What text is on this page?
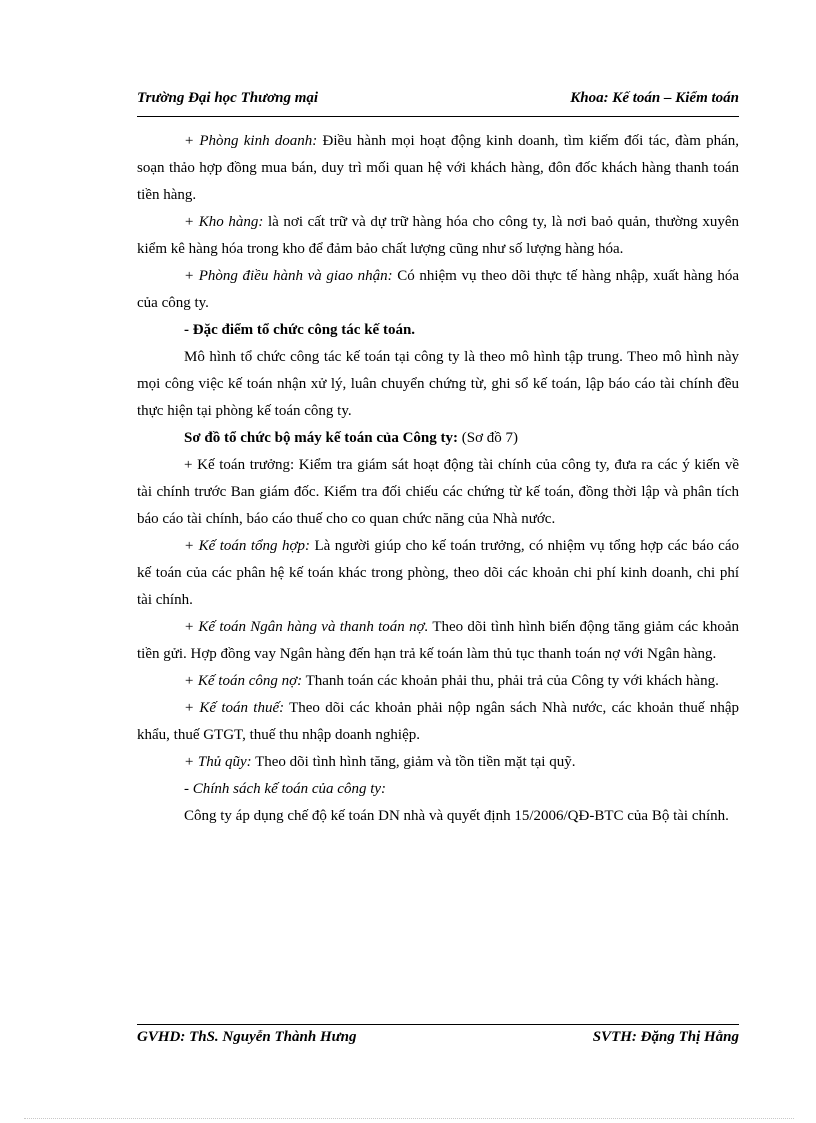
Trường Đại học Thương mại	Khoa: Kế toán – Kiểm toán

+ Phòng kinh doanh: Điều hành mọi hoạt động kinh doanh, tìm kiếm đối tác, đàm phán, soạn thảo hợp đồng mua bán, duy trì mối quan hệ với khách hàng, đôn đốc khách hàng thanh toán tiền hàng.

+ Kho hàng: là nơi cất trữ và dự trữ hàng hóa cho công ty, là nơi baỏ quản, thường xuyên kiểm kê hàng hóa trong kho để đảm bảo chất lượng cũng như số lượng hàng hóa.

+ Phòng điều hành và giao nhận: Có nhiệm vụ theo dõi thực tế hàng nhập, xuất hàng hóa của công ty.

- Đặc điểm tổ chức công tác kế toán.

Mô hình tổ chức công tác kế toán tại công ty là theo mô hình tập trung. Theo mô hình này mọi công việc kế toán nhận xử lý, luân chuyển chứng từ, ghi sổ kế toán, lập báo cáo tài chính đều thực hiện tại phòng kế toán công ty.

Sơ đồ tổ chức bộ máy kế toán của Công ty: (Sơ đồ 7)

+ Kế toán trưởng: Kiểm tra giám sát hoạt động tài chính của công ty, đưa ra các ý kiến về tài chính trước Ban giám đốc. Kiểm tra đối chiếu các chứng từ kế toán, đồng thời lập và phân tích báo cáo tài chính, báo cáo thuế cho co quan chức năng của Nhà nước.

+ Kế toán tổng hợp: Là người giúp cho kế toán trưởng, có nhiệm vụ tổng hợp các báo cáo kế toán của các phân hệ kế toán khác trong phòng, theo dõi các khoản chi phí kinh doanh, chi phí tài chính.

+ Kế toán Ngân hàng và thanh toán nợ. Theo dõi tình hình biến động tăng giảm các khoản tiền gửi. Hợp đồng vay Ngân hàng đến hạn trả kế toán làm thủ tục thanh toán nợ với Ngân hàng.

+ Kế toán công nợ: Thanh toán các khoản phải thu, phải trả của Công ty với khách hàng.

+ Kế toán thuế: Theo dõi các khoản phải nộp ngân sách Nhà nước, các khoản thuế nhập khẩu, thuế GTGT, thuế thu nhập doanh nghiệp.

+ Thủ qũy: Theo dõi tình hình tăng, giảm và tồn tiền mặt tại quỹ.

- Chính sách kế toán của công ty:

Công ty áp dụng chế độ kế toán DN nhà và quyết định 15/2006/QĐ-BTC của Bộ tài chính.

GVHD: ThS. Nguyễn Thành Hưng	SVTH: Đặng Thị Hằng
